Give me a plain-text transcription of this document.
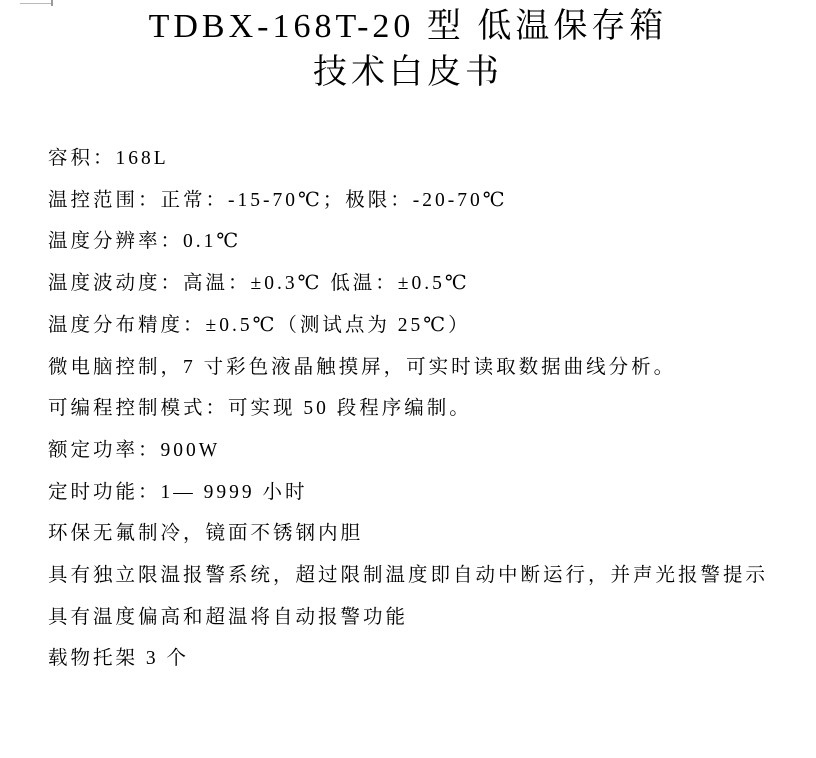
TDBX-168T-20 型 低温保存箱
技术白皮书

容积：168L

温控范围：正常：-15-70℃；极限：-20-70℃

温度分辨率：0.1℃

温度波动度：高温：±0.3℃ 低温：±0.5℃

温度分布精度：±0.5℃（测试点为 25℃）

微电脑控制，7 寸彩色液晶触摸屏，可实时读取数据曲线分析。

可编程控制模式：可实现 50 段程序编制。

额定功率：900W

定时功能：1— 9999 小时

环保无氟制冷，镜面不锈钢内胆

具有独立限温报警系统，超过限制温度即自动中断运行，并声光报警提示

具有温度偏高和超温将自动报警功能

载物托架 3 个
